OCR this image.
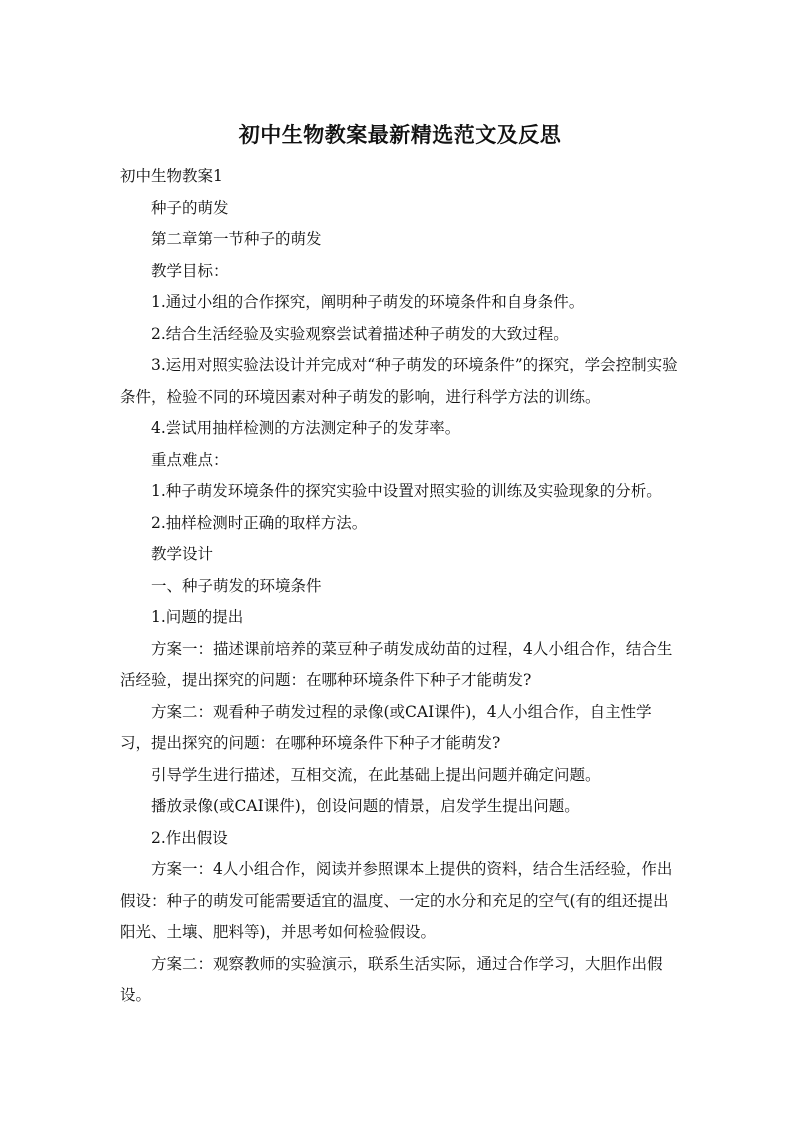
初中生物教案最新精选范文及反思

初中生物教案1

种子的萌发

第二章第一节种子的萌发

教学目标：

1.通过小组的合作探究，阐明种子萌发的环境条件和自身条件。

2.结合生活经验及实验观察尝试着描述种子萌发的大致过程。

3.运用对照实验法设计并完成对“种子萌发的环境条件”的探究，学会控制实验条件，检验不同的环境因素对种子萌发的影响，进行科学方法的训练。

4.尝试用抽样检测的方法测定种子的发芽率。

重点难点：

1.种子萌发环境条件的探究实验中设置对照实验的训练及实验现象的分析。

2.抽样检测时正确的取样方法。

教学设计

一、种子萌发的环境条件

1.问题的提出

方案一：描述课前培养的菜豆种子萌发成幼苗的过程，4人小组合作，结合生活经验，提出探究的问题：在哪种环境条件下种子才能萌发?

方案二：观看种子萌发过程的录像(或CAI课件)，4人小组合作，自主性学习，提出探究的问题：在哪种环境条件下种子才能萌发?

引导学生进行描述，互相交流，在此基础上提出问题并确定问题。

播放录像(或CAI课件)，创设问题的情景，启发学生提出问题。

2.作出假设

方案一：4人小组合作，阅读并参照课本上提供的资料，结合生活经验，作出假设：种子的萌发可能需要适宜的温度、一定的水分和充足的空气(有的组还提出阳光、土壤、肥料等)，并思考如何检验假设。

方案二：观察教师的实验演示，联系生活实际，通过合作学习，大胆作出假设。
